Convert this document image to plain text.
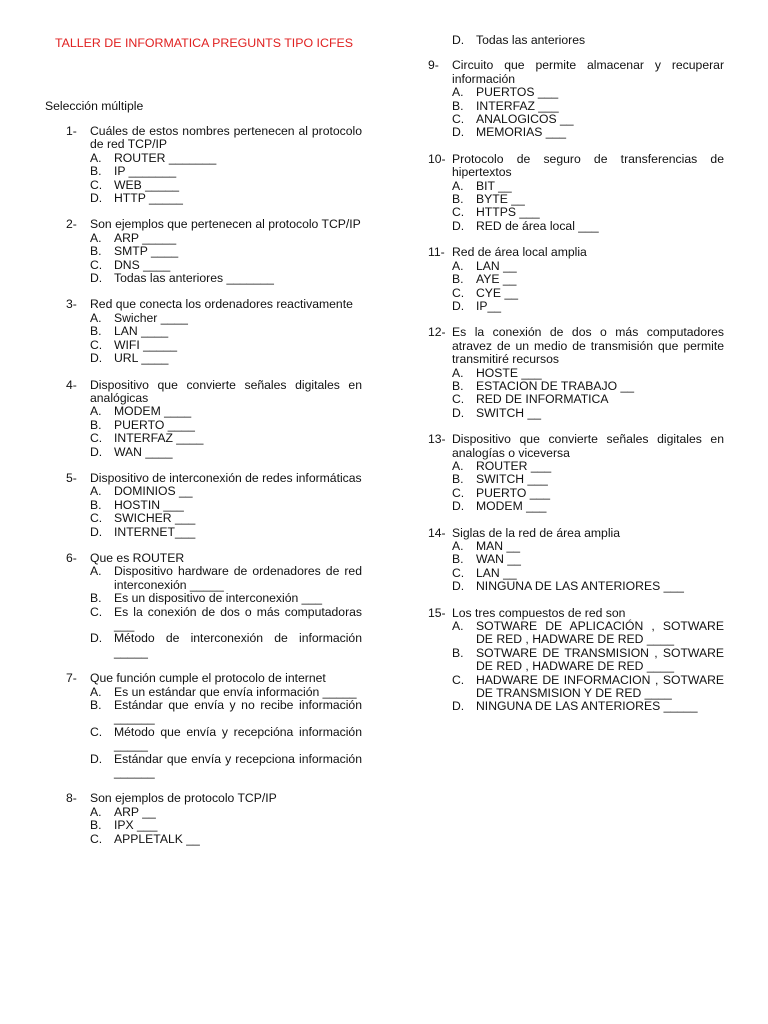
TALLER DE INFORMATICA PREGUNTS TIPO ICFES
Selección múltiple
1-	Cuáles de estos nombres pertenecen al protocolo de red TCP/IP
A.	ROUTER _______
B.	IP _______
C. WEB _____
D. HTTP _____
2-	Son ejemplos que pertenecen al protocolo TCP/IP
A.	ARP _____
B.	SMTP ____
C. DNS ____
D. Todas las anteriores _______
3-	Red que conecta los ordenadores reactivamente
A.	Swicher ____
B.	LAN ____
C. WIFI _____
D. URL ____
4-	Dispositivo que convierte señales digitales en analógicas
A.	MODEM ____
B.	PUERTO ____
C. INTERFAZ ____
D. WAN ____
5-	Dispositivo de interconexión de redes informáticas
A.	DOMINIOS __
B.	HOSTIN ___
C. SWICHER ___
D. INTERNET___
6-	Que es ROUTER
A.	Dispositivo hardware de ordenadores de red interconexión _____
B.	Es un dispositivo de interconexión ___
C. Es la conexión de dos o más computadoras ___
D. Método de interconexión de información _____
7-	Que función cumple el protocolo de internet
A.	Es un estándar que envía información _____
B.	Estándar que envía y no recibe información ______
C. Método que envía y recepcióna información _____
D. Estándar que envía y recepciona información ______
8-	Son ejemplos de protocolo TCP/IP
A.	ARP __
B.	IPX ___
C. APPLETALK __
D. Todas las anteriores
9-	Circuito que permite almacenar y recuperar información
A.	PUERTOS ___
B.	INTERFAZ ___
C. ANALOGICOS __
D. MEMORIAS ___
10- Protocolo de seguro de transferencias de hipertextos
A.	BIT __
B.	BYTE __
C. HTTPS ___
D. RED de área local ___
11- Red de área local amplia
A.	LAN __
B.	AYE __
C. CYE __
D. IP__
12- Es la conexión de dos o más computadores atravez de un medio de transmisión que permite transmitiré recursos
A.	HOSTE ___
B.	ESTACION DE TRABAJO __
C. RED DE INFORMATICA
D. SWITCH __
13- Dispositivo que convierte señales digitales en analogías o viceversa
A.	ROUTER ___
B.	SWITCH ___
C. PUERTO ___
D. MODEM ___
14- Siglas de la red de área amplia
A.	MAN __
B.	WAN __
C. LAN __
D. NINGUNA DE LAS ANTERIORES ___
15- Los tres compuestos de red son
A.	SOTWARE DE APLICACIÓN , SOTWARE DE RED , HADWARE DE RED ____
B.	SOTWARE DE TRANSMISION , SOTWARE DE RED , HADWARE DE RED ____
C. HADWARE DE INFORMACION , SOTWARE DE TRANSMISION Y DE RED ____
D. NINGUNA DE LAS ANTERIORES _____
